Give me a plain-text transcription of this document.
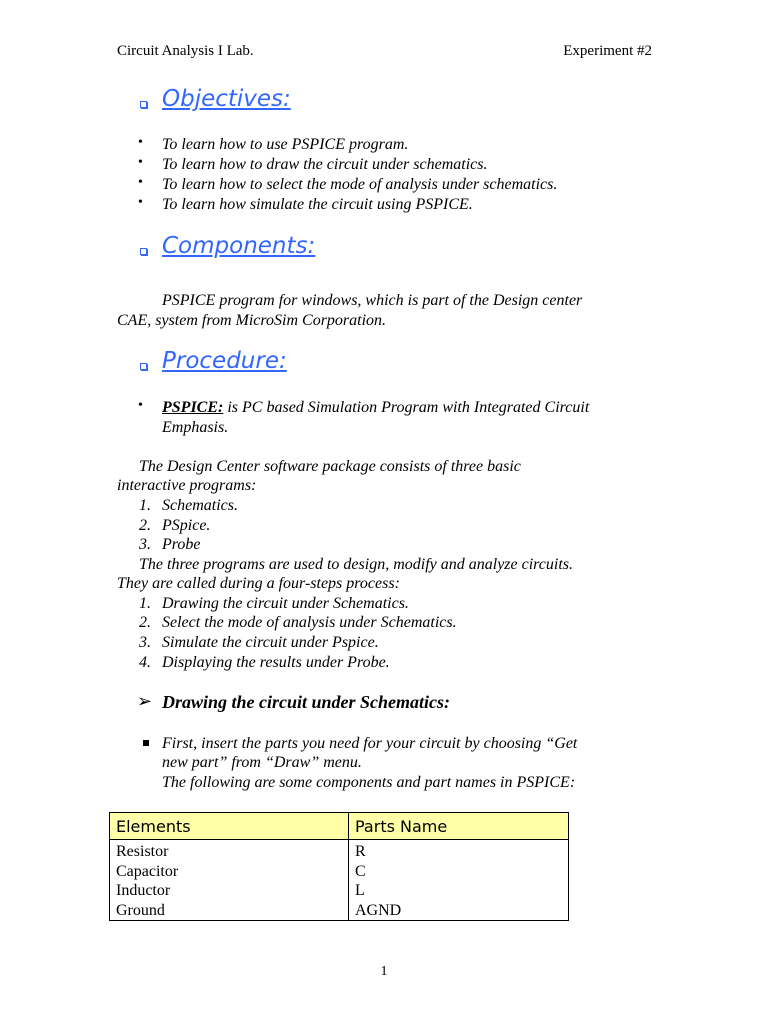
Circuit Analysis I Lab.	Experiment #2
Objectives:
• To learn how to use PSPICE program.
• To learn how to draw the circuit under schematics.
• To learn how to select the mode of analysis under schematics.
• To learn how simulate the circuit using PSPICE.
Components:
PSPICE program for windows, which is part of the Design center
CAE, system from MicroSim Corporation.
Procedure:
• PSPICE: is PC based Simulation Program with Integrated Circuit
Emphasis.
The Design Center software package consists of three basic
interactive programs:
1. Schematics.
2. PSpice.
3. Probe
The three programs are used to design, modify and analyze circuits.
They are called during a four-steps process:
1. Drawing the circuit under Schematics.
2. Select the mode of analysis under Schematics.
3. Simulate the circuit under Pspice.
4. Displaying the results under Probe.
➢ Drawing the circuit under Schematics:
First, insert the parts you need for your circuit by choosing “Get
new part” from “Draw” menu.
The following are some components and part names in PSPICE:
Elements	Parts Name
Resistor	R
Capacitor	C
Inductor	L
Ground	AGND
1
